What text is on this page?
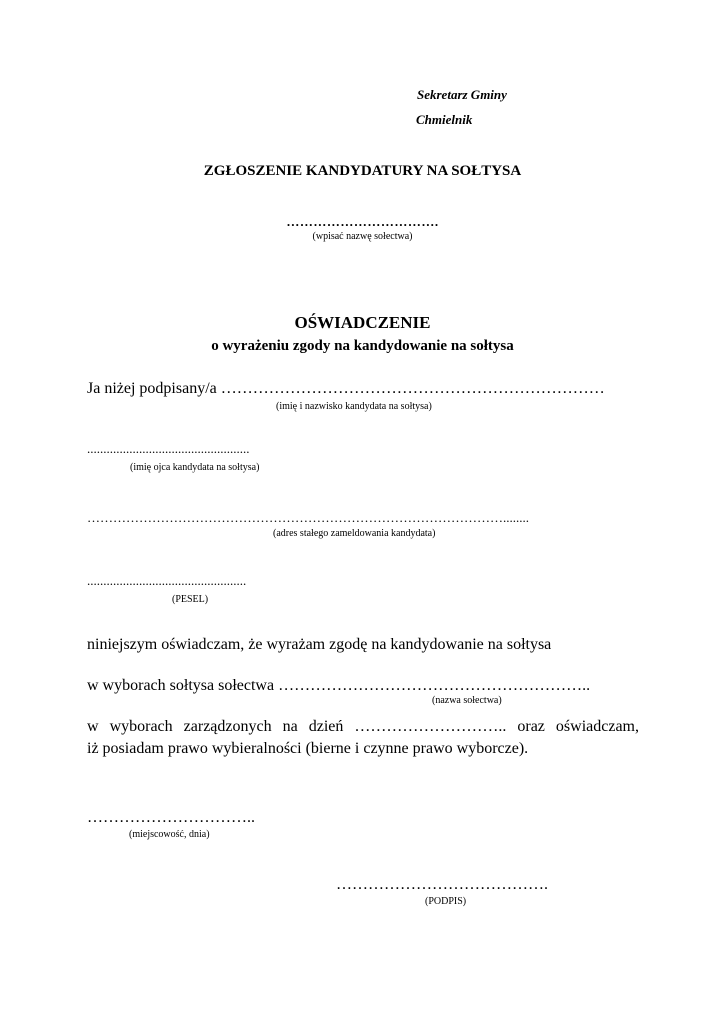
Sekretarz Gminy
Chmielnik
ZGŁOSZENIE KANDYDATURY NA SOŁTYSA
…………………………….
(wpisać nazwę sołectwa)
OŚWIADCZENIE
o wyrażeniu zgody na kandydowanie na sołtysa
Ja niżej podpisany/a ………………………………………………………………
(imię i nazwisko kandydata na sołtysa)
..................................................
(imię ojca kandydata na sołtysa)
……………………………………………………………………………………........
(adres stałego zameldowania kandydata)
.................................................
(PESEL)
niniejszym oświadczam, że wyrażam zgodę na kandydowanie na sołtysa
w wyborach sołtysa sołectwa …………………………………………………..
(nazwa sołectwa)
w wyborach zarządzonych na dzień ……………………….. oraz oświadczam,
iż posiadam prawo wybieralności (bierne i czynne prawo wyborcze).
…………………………..
(miejscowość, dnia)
………………………………….
(PODPIS)
